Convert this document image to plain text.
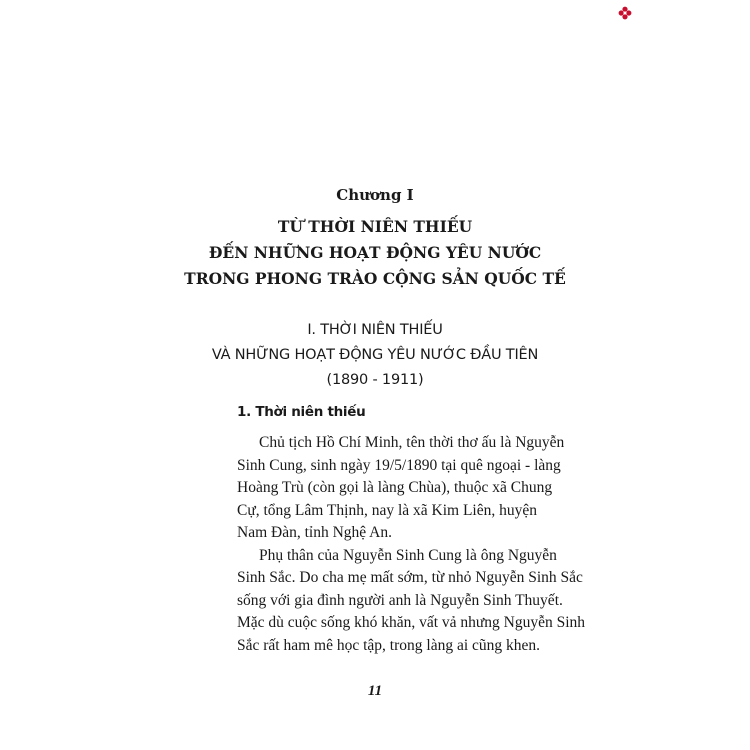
Chương I
TỪ THỜI NIÊN THIẾU
ĐẾN NHỮNG HOẠT ĐỘNG YÊU NƯỚC
TRONG PHONG TRÀO CỘNG SẢN QUỐC TẾ
I. THỜI NIÊN THIẾU
VÀ NHỮNG HOẠT ĐỘNG YÊU NƯỚC ĐẦU TIÊN
(1890 - 1911)
1. Thời niên thiếu
Chủ tịch Hồ Chí Minh, tên thời thơ ấu là Nguyễn
Sinh Cung, sinh ngày 19/5/1890 tại quê ngoại - làng
Hoàng Trù (còn gọi là làng Chùa), thuộc xã Chung
Cự, tổng Lâm Thịnh, nay là xã Kim Liên, huyện
Nam Đàn, tỉnh Nghệ An.
Phụ thân của Nguyễn Sinh Cung là ông Nguyễn
Sinh Sắc. Do cha mẹ mất sớm, từ nhỏ Nguyễn Sinh Sắc
sống với gia đình người anh là Nguyễn Sinh Thuyết.
Mặc dù cuộc sống khó khăn, vất vả nhưng Nguyễn Sinh
Sắc rất ham mê học tập, trong làng ai cũng khen.
11
